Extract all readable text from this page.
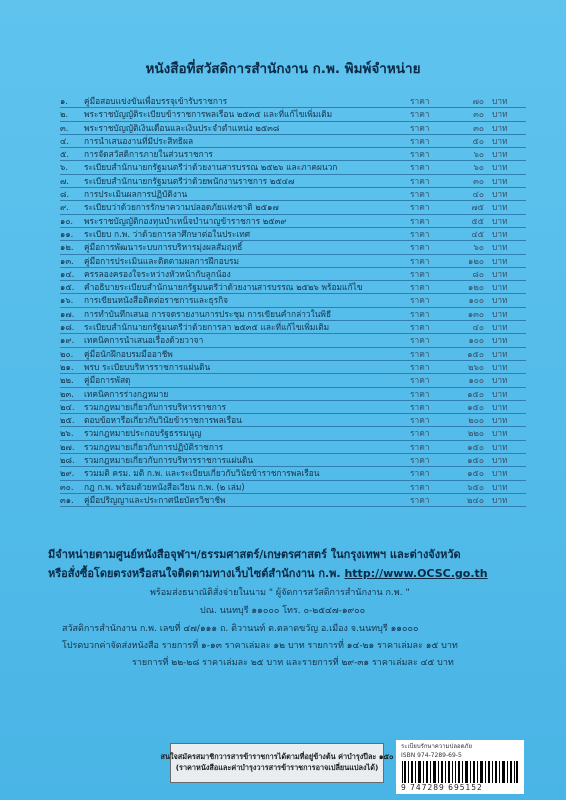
หนังสือที่สวัสดิการสำนักงาน ก.พ. พิมพ์จำหน่าย
๑.	คู่มือสอบแข่งขันเพื่อบรรจุเข้ารับราชการ	ราคา	๗๐ บาท
๒.	พระราชบัญญัติระเบียบข้าราชการพลเรือน ๒๕๓๕ และที่แก้ไขเพิ่มเติม	ราคา	๓๐ บาท
๓.	พระราชบัญญัติเงินเดือนและเงินประจำตำแหน่ง ๒๕๓๘	ราคา	๓๐ บาท
๔.	การนำเสนองานที่มีประสิทธิผล	ราคา	๕๐ บาท
๕.	การจัดสวัสดิการภายในส่วนราชการ	ราคา	๖๐ บาท
๖.	ระเบียบสำนักนายกรัฐมนตรีว่าด้วยงานสารบรรณ ๒๕๒๖ และภาคผนวก	ราคา	๖๐ บาท
๗.	ระเบียบสำนักนายกรัฐมนตรีว่าด้วยพนักงานราชการ ๒๕๔๗	ราคา	๓๐ บาท
๘.	การประเมินผลการปฏิบัติงาน	ราคา	๔๐ บาท
๙.	ระเบียบว่าด้วยการรักษาความปลอดภัยแห่งชาติ ๒๕๑๗	ราคา	๗๕ บาท
๑๐.	พระราชบัญญัติกองทุนบำเหน็จบำนาญข้าราชการ ๒๕๓๙	ราคา	๕๕ บาท
๑๑.	ระเบียบ ก.พ. ว่าด้วยการลาศึกษาต่อในประเทศ	ราคา	๔๕ บาท
๑๒.	คู่มือการพัฒนาระบบการบริหารมุ่งผลสัมฤทธิ์	ราคา	๖๐ บาท
๑๓.	คู่มือการประเมินและติดตามผลการฝึกอบรม	ราคา	๑๒๐ บาท
๑๔.	ครรลองครองใจระหว่างหัวหน้ากับลูกน้อง	ราคา	๘๐ บาท
๑๕.	คำอธิบายระเบียบสำนักนายกรัฐมนตรีว่าด้วยงานสารบรรณ ๒๕๒๖ พร้อมแก้ไข	ราคา	๑๒๐ บาท
๑๖.	การเขียนหนังสือติดต่อราชการและธุรกิจ	ราคา	๑๐๐ บาท
๑๗.	การทำบันทึกเสนอ การจดรายงานการประชุม การเขียนคำกล่าวในพิธี	ราคา	๑๓๐ บาท
๑๘.	ระเบียบสำนักนายกรัฐมนตรีว่าด้วยการลา ๒๕๓๕ และที่แก้ไขเพิ่มเติม	ราคา	๔๐ บาท
๑๙.	เทคนิคการนำเสนอเรื่องด้วยวาจา	ราคา	๑๐๐ บาท
๒๐.	คู่มือนักฝึกอบรมมืออาชีพ	ราคา	๑๕๐ บาท
๒๑.	พรบ ระเบียบบริหารราชการแผ่นดิน	ราคา	๒๖๐ บาท
๒๒.	คู่มือการพัสดุ	ราคา	๑๐๐ บาท
๒๓.	เทคนิคการร่างกฎหมาย	ราคา	๑๕๐ บาท
๒๔.	รวมกฎหมายเกี่ยวกับการบริหารราชการ	ราคา	๑๕๐ บาท
๒๕.	ตอบข้อหารือเกี่ยวกับวินัยข้าราชการพลเรือน	ราคา	๒๐๐ บาท
๒๖.	รวมกฎหมายประกอบรัฐธรรมนูญ	ราคา	๒๒๐ บาท
๒๗.	รวมกฎหมายเกี่ยวกับการปฏิบัติราชการ	ราคา	๑๕๐ บาท
๒๘.	รวมกฎหมายเกี่ยวกับการบริหารราชการแผ่นดิน	ราคา	๑๕๐ บาท
๒๙.	รวมมติ ครม. มติ ก.พ. และระเบียบเกี่ยวกับวินัยข้าราชการพลเรือน	ราคา	๑๕๐ บาท
๓๐.	กฎ ก.พ. พร้อมด้วยหนังสือเวียน ก.พ. (๒ เล่ม)	ราคา	๖๕๐ บาท
๓๑.	คู่มือปริญญาและประกาศนียบัตรวิชาชีพ	ราคา	๒๔๐ บาท
มีจำหน่ายตามศูนย์หนังสือจุฬาฯ/ธรรมศาสตร์/เกษตรศาสตร์ ในกรุงเทพฯ และต่างจังหวัด
หรือสั่งซื้อโดยตรงหรือสนใจติดตามทางเว็บไซต์สำนักงาน ก.พ. http://www.OCSC.go.th
พร้อมส่งธนาณัติสั่งจ่ายในนาม " ผู้จัดการสวัสดิการสำนักงาน ก.พ. "
ปณ. นนทบุรี ๑๑๐๐๐ โทร. ๐-๒๕๔๗-๑๙๐๐
สวัสดิการสำนักงาน ก.พ. เลขที่ ๔๗/๑๑๑ ถ. ติวานนท์ ต.ตลาดขวัญ อ.เมือง จ.นนทบุรี ๑๑๐๐๐
โปรดบวกค่าจัดส่งหนังสือ รายการที่ ๑-๑๓ ราคาเล่มละ ๑๒ บาท รายการที่ ๑๔-๒๑ ราคาเล่มละ ๑๕ บาท
รายการที่ ๒๒-๒๘ ราคาเล่มละ ๒๕ บาท และรายการที่ ๒๙-๓๑ ราคาเล่มละ ๔๕ บาท
สนใจสมัครสมาชิกวารสารข้าราชการได้ตามที่อยู่ข้างต้น ค่าบำรุงปีละ ๑๕๐
(ราคาหนังสือและค่าบำรุงวารสารข้าราชการอาจเปลี่ยนแปลงได้)
ระเบียบรักษาความปลอดภัย
ISBN 974-7289-69-5
9 747289 695152
